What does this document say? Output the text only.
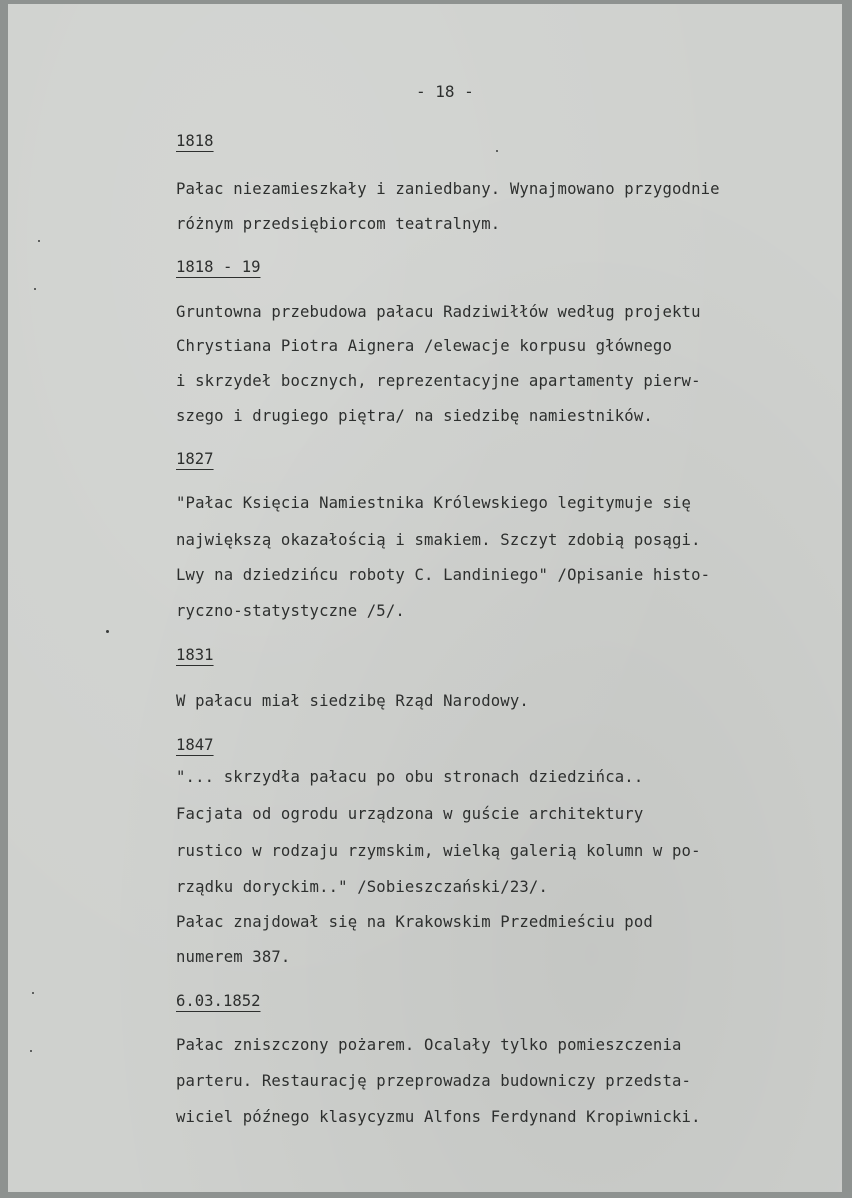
- 18 -
1818
Pałac niezamieszkały i zaniedbany. Wynajmowano przygodnie
różnym przedsiębiorcom teatralnym.
1818 - 19
Gruntowna przebudowa pałacu Radziwiłłów według projektu
Chrystiana Piotra Aignera /elewacje korpusu głównego
i skrzydeł bocznych, reprezentacyjne apartamenty pierw-
szego i drugiego piętra/ na siedzibę namiestników.
1827
"Pałac Księcia Namiestnika Królewskiego legitymuje się
największą okazałością i smakiem. Szczyt zdobią posągi.
Lwy na dziedzińcu roboty C. Landiniego" /Opisanie histo-
ryczno-statystyczne /5/.
1831
W pałacu miał siedzibę Rząd Narodowy.
1847
"... skrzydła pałacu po obu stronach dziedzińca..
Facjata od ogrodu urządzona w guście architektury
rustico w rodzaju rzymskim, wielką galerią kolumn w po-
rządku doryckim.." /Sobieszczański/23/.
Pałac znajdował się na Krakowskim Przedmieściu pod
numerem 387.
6.03.1852
Pałac zniszczony pożarem. Ocalały tylko pomieszczenia
parteru. Restaurację przeprowadza budowniczy przedsta-
wiciel późnego klasycyzmu Alfons Ferdynand Kropiwnicki.
